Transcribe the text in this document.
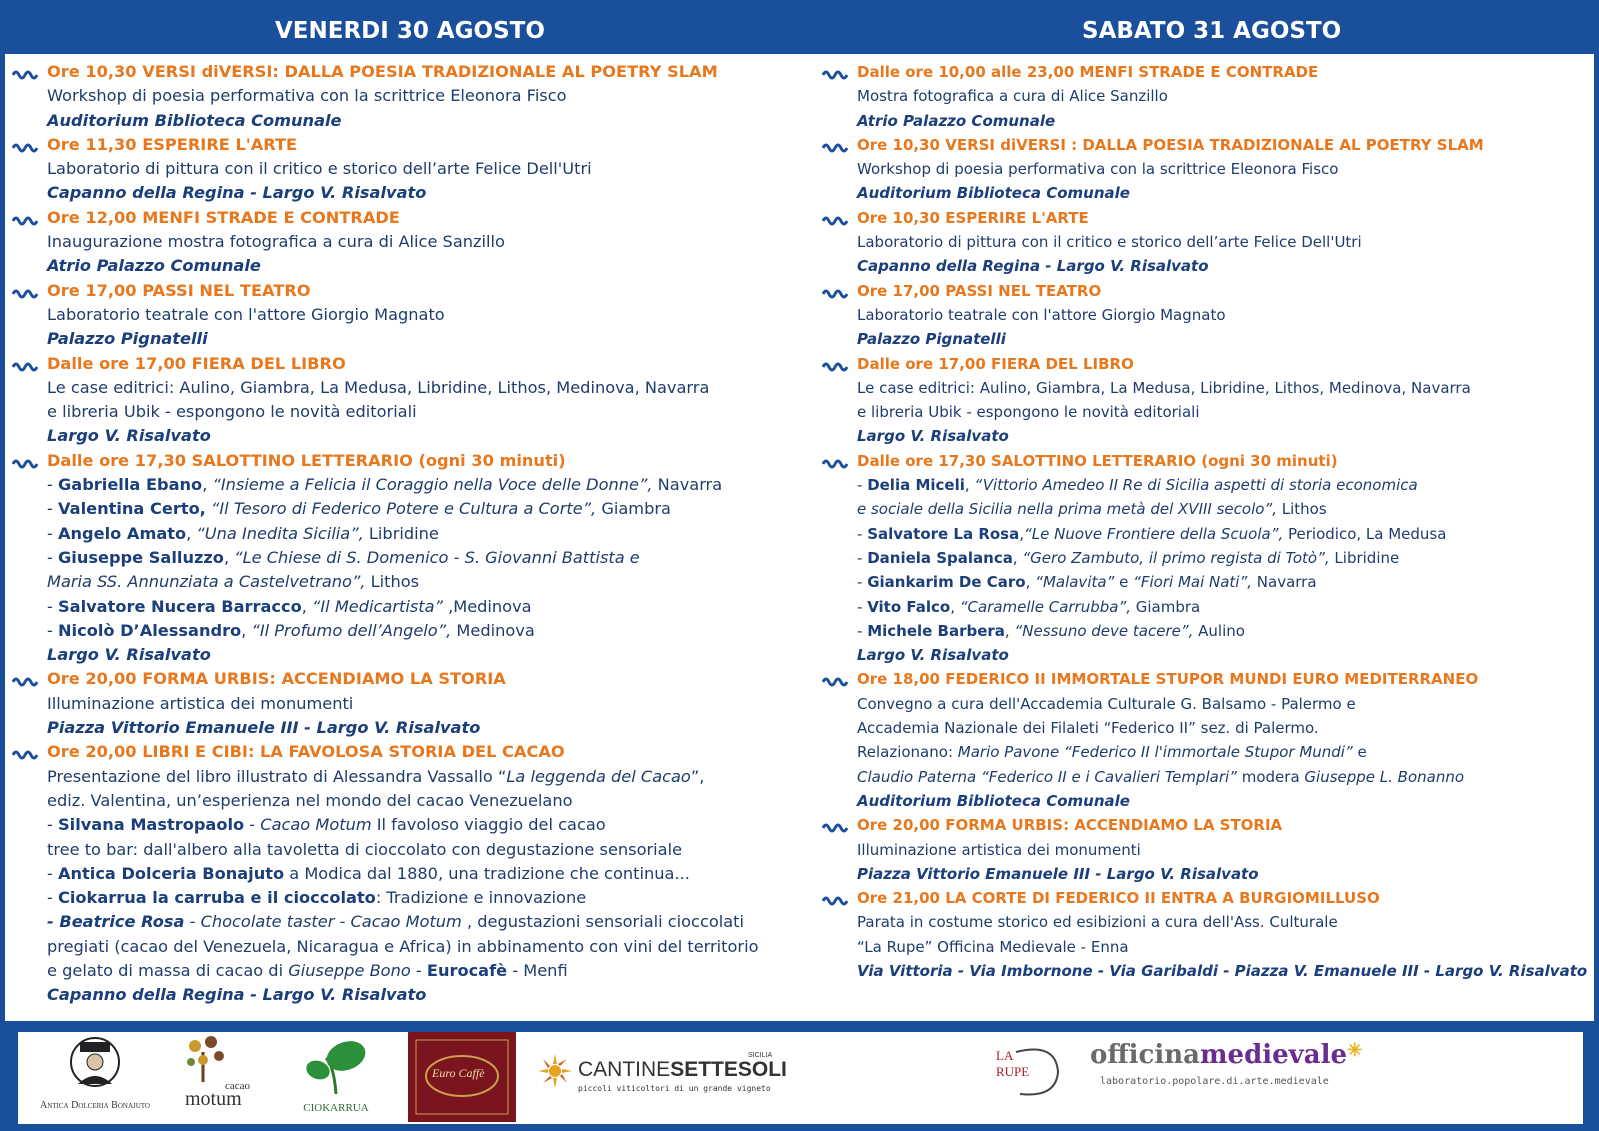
VENERDI 30 AGOSTO	SABATO 31 AGOSTO
Ore 10,30 VERSI diVERSI: DALLA POESIA TRADIZIONALE AL POETRY SLAM
Workshop di poesia performativa con la scrittrice Eleonora Fisco
Auditorium Biblioteca Comunale
Ore 11,30 ESPERIRE L'ARTE
Laboratorio di pittura con il critico e storico dell’arte Felice Dell'Utri
Capanno della Regina - Largo V. Risalvato
Ore 12,00 MENFI STRADE E CONTRADE
Inaugurazione mostra fotografica a cura di Alice Sanzillo
Atrio Palazzo Comunale
Ore 17,00 PASSI NEL TEATRO
Laboratorio teatrale con l'attore Giorgio Magnato
Palazzo Pignatelli
Dalle ore 17,00 FIERA DEL LIBRO
Le case editrici: Aulino, Giambra, La Medusa, Libridine, Lithos, Medinova, Navarra
e libreria Ubik - espongono le novità editoriali
Largo V. Risalvato
Dalle ore 17,30 SALOTTINO LETTERARIO (ogni 30 minuti)
- Gabriella Ebano, “Insieme a Felicia il Coraggio nella Voce delle Donne”, Navarra
- Valentina Certo, “Il Tesoro di Federico Potere e Cultura a Corte”, Giambra
- Angelo Amato, “Una Inedita Sicilia”, Libridine
- Giuseppe Salluzzo, “Le Chiese di S. Domenico - S. Giovanni Battista e
Maria SS. Annunziata a Castelvetrano”, Lithos
- Salvatore Nucera Barracco, “Il Medicartista” ,Medinova
- Nicolò D’Alessandro, “Il Profumo dell’Angelo”, Medinova
Largo V. Risalvato
Ore 20,00 FORMA URBIS: ACCENDIAMO LA STORIA
Illuminazione artistica dei monumenti
Piazza Vittorio Emanuele III - Largo V. Risalvato
Ore 20,00 LIBRI E CIBI: LA FAVOLOSA STORIA DEL CACAO
Presentazione del libro illustrato di Alessandra Vassallo “La leggenda del Cacao”,
ediz. Valentina, un’esperienza nel mondo del cacao Venezuelano
- Silvana Mastropaolo - Cacao Motum Il favoloso viaggio del cacao
tree to bar: dall'albero alla tavoletta di cioccolato con degustazione sensoriale
- Antica Dolceria Bonajuto a Modica dal 1880, una tradizione che continua...
- Ciokarrua la carruba e il cioccolato: Tradizione e innovazione
- Beatrice Rosa - Chocolate taster - Cacao Motum , degustazioni sensoriali cioccolati
pregiati (cacao del Venezuela, Nicaragua e Africa) in abbinamento con vini del territorio
e gelato di massa di cacao di Giuseppe Bono - Eurocafè - Menfi
Capanno della Regina - Largo V. Risalvato
Dalle ore 10,00 alle 23,00 MENFI STRADE E CONTRADE
Mostra fotografica a cura di Alice Sanzillo
Atrio Palazzo Comunale
Ore 10,30 VERSI diVERSI : DALLA POESIA TRADIZIONALE AL POETRY SLAM
Workshop di poesia performativa con la scrittrice Eleonora Fisco
Auditorium Biblioteca Comunale
Ore 10,30 ESPERIRE L'ARTE
Laboratorio di pittura con il critico e storico dell’arte Felice Dell'Utri
Capanno della Regina - Largo V. Risalvato
Ore 17,00 PASSI NEL TEATRO
Laboratorio teatrale con l'attore Giorgio Magnato
Palazzo Pignatelli
Dalle ore 17,00 FIERA DEL LIBRO
Le case editrici: Aulino, Giambra, La Medusa, Libridine, Lithos, Medinova, Navarra
e libreria Ubik - espongono le novità editoriali
Largo V. Risalvato
Dalle ore 17,30 SALOTTINO LETTERARIO (ogni 30 minuti)
- Delia Miceli, “Vittorio Amedeo II Re di Sicilia aspetti di storia economica
e sociale della Sicilia nella prima metà del XVIII secolo”, Lithos
- Salvatore La Rosa,“Le Nuove Frontiere della Scuola”, Periodico, La Medusa
- Daniela Spalanca, “Gero Zambuto, il primo regista di Totò”, Libridine
- Giankarim De Caro, “Malavita” e “Fiori Mai Nati”, Navarra
- Vito Falco, “Caramelle Carrubba”, Giambra
- Michele Barbera, “Nessuno deve tacere”, Aulino
Largo V. Risalvato
Ore 18,00 FEDERICO II IMMORTALE STUPOR MUNDI EURO MEDITERRANEO
Convegno a cura dell'Accademia Culturale G. Balsamo - Palermo e
Accademia Nazionale dei Filaleti “Federico II” sez. di Palermo.
Relazionano: Mario Pavone “Federico II l'immortale Stupor Mundi” e
Claudio Paterna “Federico II e i Cavalieri Templari” modera Giuseppe L. Bonanno
Auditorium Biblioteca Comunale
Ore 20,00 FORMA URBIS: ACCENDIAMO LA STORIA
Illuminazione artistica dei monumenti
Piazza Vittorio Emanuele III - Largo V. Risalvato
Ore 21,00 LA CORTE DI FEDERICO II ENTRA A BURGIOMILLUSO
Parata in costume storico ed esibizioni a cura dell'Ass. Culturale
“La Rupe” Officina Medievale - Enna
Via Vittoria - Via Imbornone - Via Garibaldi - Piazza V. Emanuele III - Largo V. Risalvato
Antica Dolceria Bonajuto
cacao
motum	CIOKARRUA
Euro Caffè	CANTINESETTESOLI
SICILIA
piccoli viticoltori di un grande vigneto
LA
RUPE
officinamedievale✳
laboratorio.popolare.di.arte.medievale
